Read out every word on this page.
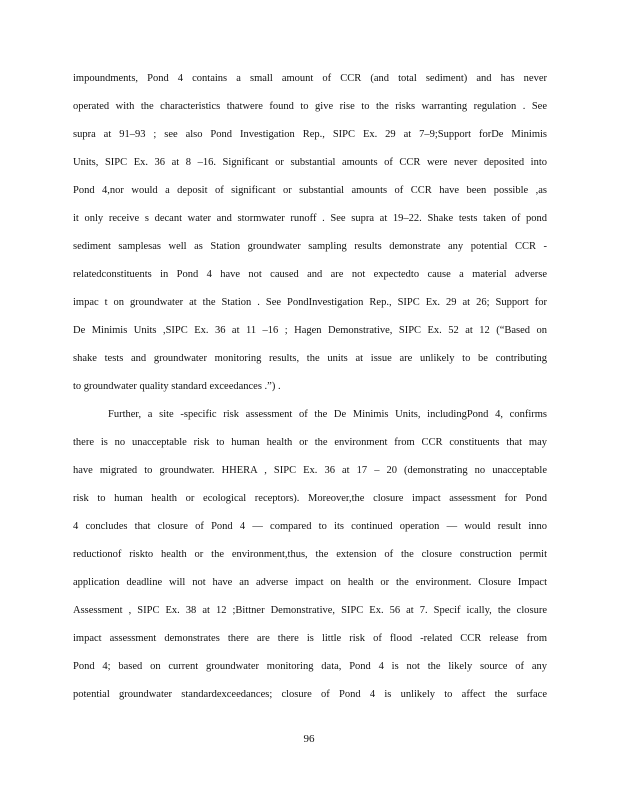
impoundments, Pond 4 contains a small amount of CCR (and total sediment) and has never
operated with the characteristics thatwere found to give rise to the risks warranting regulation . See
supra at 91–93 ; see also Pond Investigation Rep., SIPC Ex. 29 at 7–9;Support forDe Minimis
Units, SIPC Ex. 36 at 8 –16. Significant or substantial amounts of CCR were never deposited into
Pond 4,nor would a deposit of significant or substantial amounts of CCR have been possible ,as
it only receive s decant water and stormwater runoff . See supra at 19–22. Shake tests taken of pond
sediment samplesas well as Station groundwater sampling results demonstrate any potential CCR -
relatedconstituents in Pond 4 have not caused and are not expectedto cause a material adverse
impac t on groundwater at the Station . See PondInvestigation Rep., SIPC Ex. 29 at 26; Support for
De Minimis Units ,SIPC Ex. 36 at 11 –16 ; Hagen Demonstrative, SIPC Ex. 52 at 12 (“Based on
shake tests and groundwater monitoring results, the units at issue are unlikely to be contributing
to groundwater quality standard exceedances .”) .
Further, a site -specific risk assessment of the De Minimis Units, includingPond 4, confirms
there is no unacceptable risk to human health or the environment from CCR constituents that may
have migrated to groundwater. HHERA , SIPC Ex. 36 at 17 – 20 (demonstrating no unacceptable
risk to human health or ecological receptors). Moreover,the closure impact assessment for Pond
4 concludes that closure of Pond 4 — compared to its continued operation — would result inno
reductionof riskto health or the environment,thus, the extension of the closure construction permit
application deadline will not have an adverse impact on health or the environment. Closure Impact
Assessment , SIPC Ex. 38 at 12 ;Bittner Demonstrative, SIPC Ex. 56 at 7. Specif ically, the closure
impact assessment demonstrates there are there is little risk of flood -related CCR release from
Pond 4; based on current groundwater monitoring data, Pond 4 is not the likely source of any
potential groundwater standardexceedances; closure of Pond 4 is unlikely to affect the surface
96
